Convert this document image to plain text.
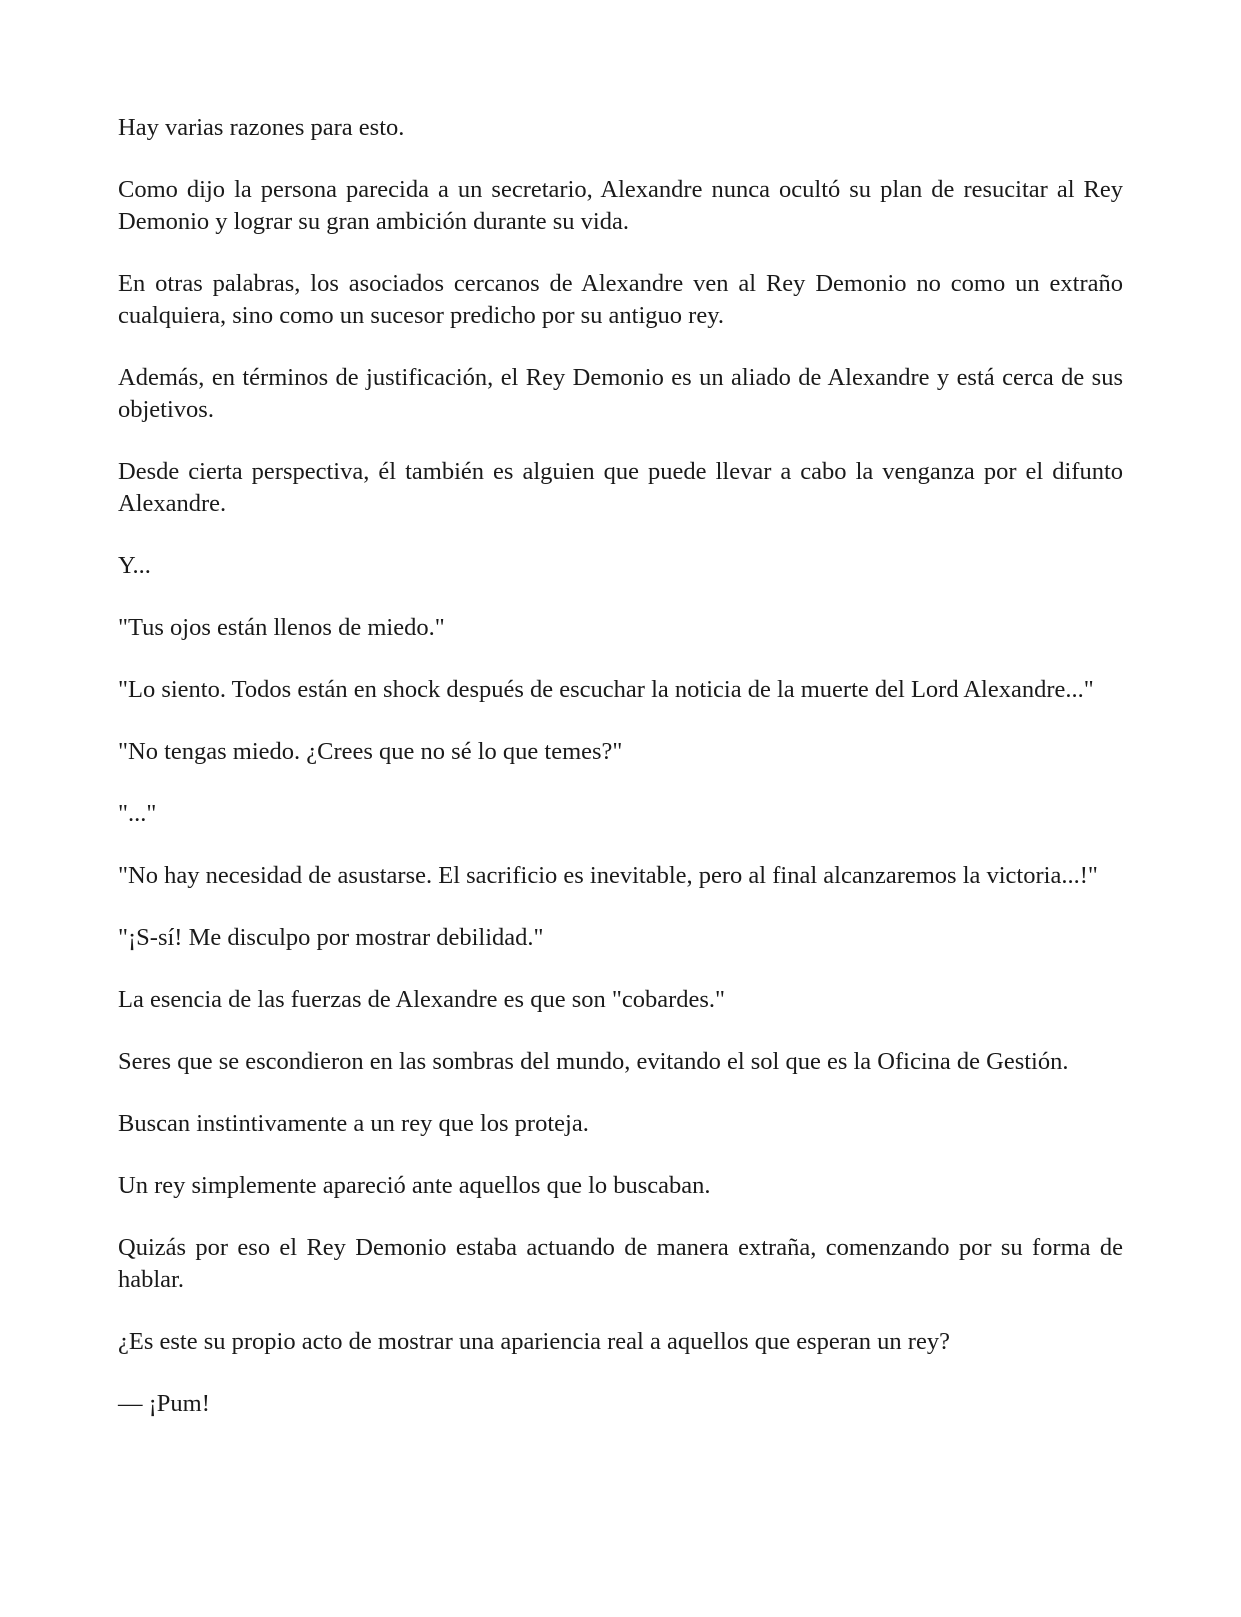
Hay varias razones para esto.

Como dijo la persona parecida a un secretario, Alexandre nunca ocultó su plan de resucitar al Rey Demonio y lograr su gran ambición durante su vida.

En otras palabras, los asociados cercanos de Alexandre ven al Rey Demonio no como un extraño cualquiera, sino como un sucesor predicho por su antiguo rey.

Además, en términos de justificación, el Rey Demonio es un aliado de Alexandre y está cerca de sus objetivos.

Desde cierta perspectiva, él también es alguien que puede llevar a cabo la venganza por el difunto Alexandre.

Y...

"Tus ojos están llenos de miedo."

"Lo siento. Todos están en shock después de escuchar la noticia de la muerte del Lord Alexandre..."

"No tengas miedo. ¿Crees que no sé lo que temes?"

"..."

"No hay necesidad de asustarse. El sacrificio es inevitable, pero al final alcanzaremos la victoria...!"

"¡S-sí! Me disculpo por mostrar debilidad."

La esencia de las fuerzas de Alexandre es que son "cobardes."

Seres que se escondieron en las sombras del mundo, evitando el sol que es la Oficina de Gestión.

Buscan instintivamente a un rey que los proteja.

Un rey simplemente apareció ante aquellos que lo buscaban.

Quizás por eso el Rey Demonio estaba actuando de manera extraña, comenzando por su forma de hablar.

¿Es este su propio acto de mostrar una apariencia real a aquellos que esperan un rey?

— ¡Pum!
